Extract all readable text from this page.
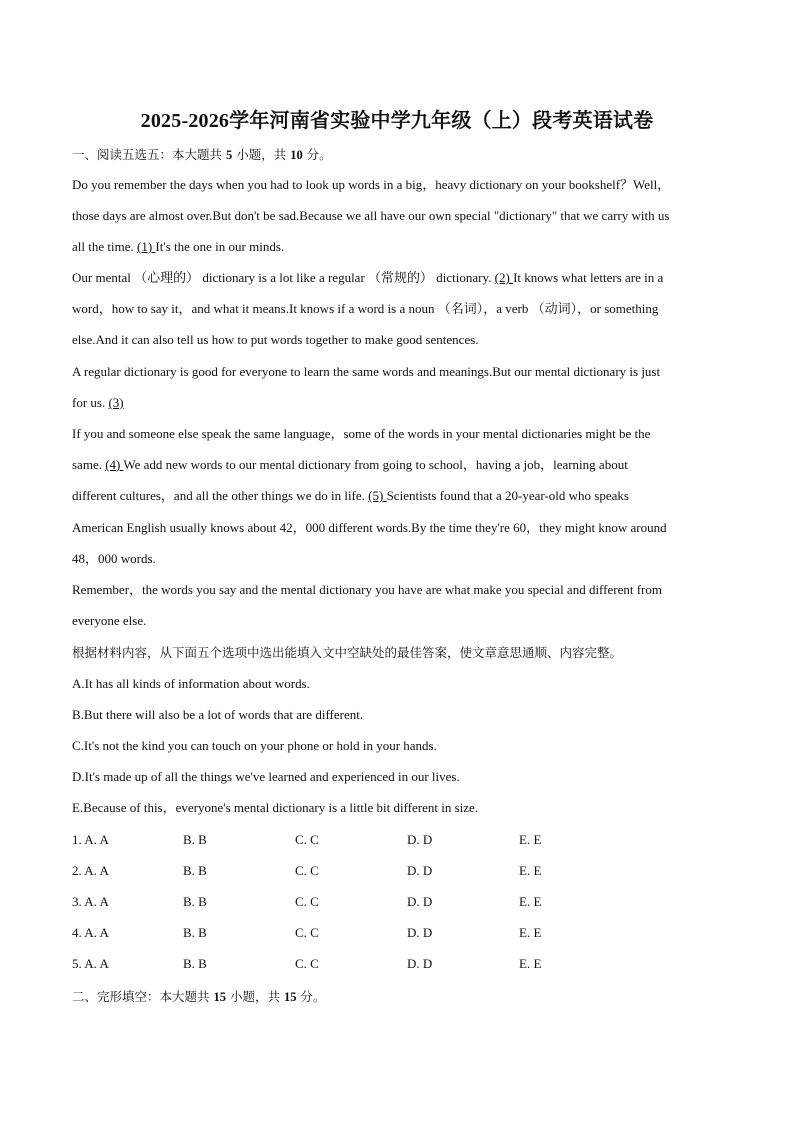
2025-2026学年河南省实验中学九年级（上）段考英语试卷
一、阅读五选五：本大题共 5 小题，共 10 分。
Do you remember the days when you had to look up words in a big，heavy dictionary on your bookshelf？Well，
those days are almost over.But don't be sad.Because we all have our own special "dictionary" that we carry with us
all the time. (1) It's the one in our minds.
Our mental （心理的） dictionary is a lot like a regular （常规的） dictionary. (2) It knows what letters are in a
word，how to say it，and what it means.It knows if a word is a noun （名词），a verb （动词），or something
else.And it can also tell us how to put words together to make good sentences.
A regular dictionary is good for everyone to learn the same words and meanings.But our mental dictionary is just
for us. (3)
If you and someone else speak the same language，some of the words in your mental dictionaries might be the
same. (4) We add new words to our mental dictionary from going to school，having a job，learning about
different cultures，and all the other things we do in life. (5) Scientists found that a 20-year-old who speaks
American English usually knows about 42，000 different words.By the time they're 60，they might know around
48，000 words.
Remember，the words you say and the mental dictionary you have are what make you special and different from
everyone else.
根据材料内容，从下面五个选项中选出能填入文中空缺处的最佳答案，使文章意思通顺、内容完整。
A.It has all kinds of information about words.
B.But there will also be a lot of words that are different.
C.It's not the kind you can touch on your phone or hold in your hands.
D.It's made up of all the things we've learned and experienced in our lives.
E.Because of this，everyone's mental dictionary is a little bit different in size.
1. A. A	B. B	C. C	D. D	E. E
2. A. A	B. B	C. C	D. D	E. E
3. A. A	B. B	C. C	D. D	E. E
4. A. A	B. B	C. C	D. D	E. E
5. A. A	B. B	C. C	D. D	E. E
二、完形填空：本大题共 15 小题，共 15 分。
